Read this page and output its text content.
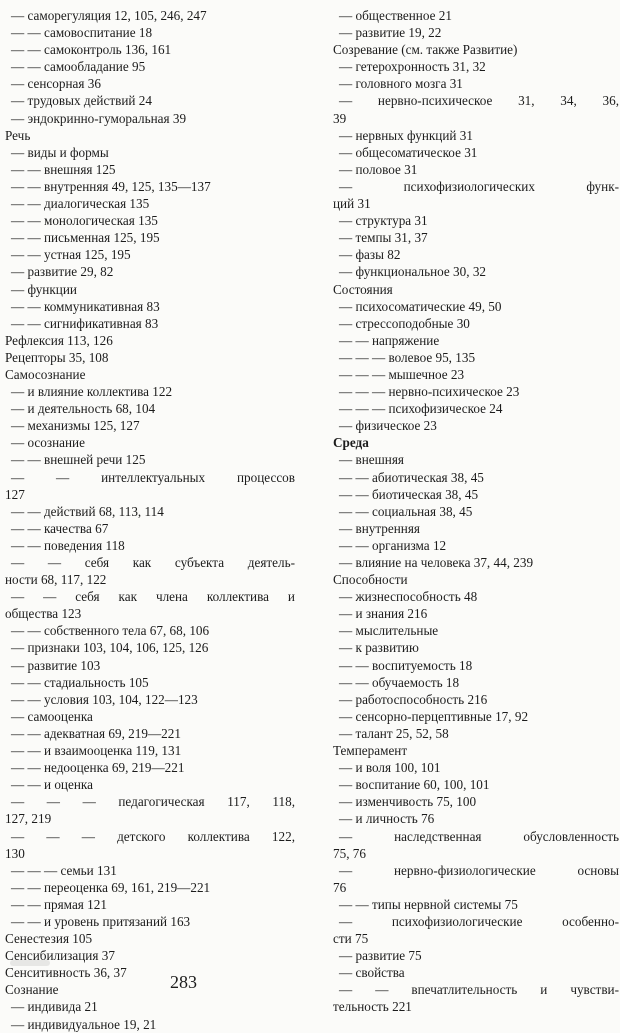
— саморегуляция 12, 105, 246, 247
— — самовоспитание 18
— — самоконтроль 136, 161
— — самообладание 95
— сенсорная 36
— трудовых действий 24
— эндокринно-гуморальная 39
Речь
— виды и формы
— — внешняя 125
— — внутренняя 49, 125, 135—137
— — диалогическая 135
— — монологическая 135
— — письменная 125, 195
— — устная 125, 195
— развитие 29, 82
— функции
— — коммуникативная 83
— — сигнификативная 83
Рефлексия 113, 126
Рецепторы 35, 108
Самосознание
— и влияние коллектива 122
— и деятельность 68, 104
— механизмы 125, 127
— осознание
— — внешней речи 125
— — интеллектуальных процессов
127
— — действий 68, 113, 114
— — качества 67
— — поведения 118
— — себя как субъекта деятель-
ности 68, 117, 122
— — себя как члена коллектива и
общества 123
— — собственного тела 67, 68, 106
— признаки 103, 104, 106, 125, 126
— развитие 103
— — стадиальность 105
— — условия 103, 104, 122—123
— самооценка
— — адекватная 69, 219—221
— — и взаимооценка 119, 131
— — недооценка 69, 219—221
— — и оценка
— — — педагогическая 117, 118,
127, 219
— — — детского коллектива 122,
130
— — — семьи 131
— — переоценка 69, 161, 219—221
— — прямая 121
— — и уровень притязаний 163
Сенестезия 105
Сенсибилизация 37
Сенситивность 36, 37
Сознание
— индивида 21
— индивидуальное 19, 21
— общественное 21
— развитие 19, 22
Созревание (см. также Развитие)
— гетерохронность 31, 32
— головного мозга 31
— нервно-психическое 31, 34, 36,
39
— нервных функций 31
— общесоматическое 31
— половое 31
— психофизиологических функ-
ций 31
— структура 31
— темпы 31, 37
— фазы 82
— функциональное 30, 32
Состояния
— психосоматические 49, 50
— стрессоподобные 30
— — напряжение
— — — волевое 95, 135
— — — мышечное 23
— — — нервно-психическое 23
— — — психофизическое 24
— физическое 23
Среда
— внешняя
— — абиотическая 38, 45
— — биотическая 38, 45
— — социальная 38, 45
— внутренняя
— — организма 12
— влияние на человека 37, 44, 239
Способности
— жизнеспособность 48
— и знания 216
— мыслительные
— к развитию
— — воспитуемость 18
— — обучаемость 18
— работоспособность 216
— сенсорно-перцептивные 17, 92
— талант 25, 52, 58
Темперамент
— и воля 100, 101
— воспитание 60, 100, 101
— изменчивость 75, 100
— и личность 76
— наследственная обусловленность
75, 76
— нервно-физиологические основы
76
— — типы нервной системы 75
— психофизиологические особенно-
сти 75
— развитие 75
— свойства
— — впечатлительность и чувстви-
тельность 221
283
